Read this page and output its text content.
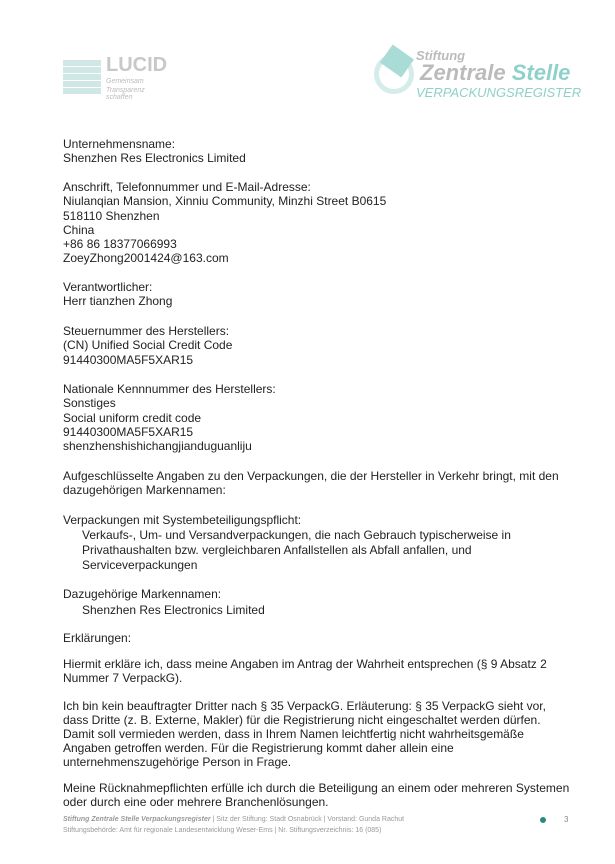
LUCID
Gemeinsam
Transparenz schaffen
Stiftung
Zentrale Stelle
VERPACKUNGSREGISTER
Unternehmensname:
Shenzhen Res Electronics Limited
Anschrift, Telefonnummer und E-Mail-Adresse:
Niulanqian Mansion, Xinniu Community, Minzhi Street B0615
518110 Shenzhen
China
+86 86 18377066993
ZoeyZhong2001424@163.com
Verantwortlicher:
Herr tianzhen Zhong
Steuernummer des Herstellers:
(CN) Unified Social Credit Code
91440300MA5F5XAR15
Nationale Kennnummer des Herstellers:
Sonstiges
Social uniform credit code
91440300MA5F5XAR15
shenzhenshishichangjianduguanliju
Aufgeschlüsselte Angaben zu den Verpackungen, die der Hersteller in Verkehr bringt, mit den
dazugehörigen Markennamen:
Verpackungen mit Systembeteiligungspflicht:
Verkaufs-, Um- und Versandverpackungen, die nach Gebrauch typischerweise in
Privathaushalten bzw. vergleichbaren Anfallstellen als Abfall anfallen, und
Serviceverpackungen
Dazugehörige Markennamen:
Shenzhen Res Electronics Limited
Erklärungen:
Hiermit erkläre ich, dass meine Angaben im Antrag der Wahrheit entsprechen (§ 9 Absatz 2
Nummer 7 VerpackG).
Ich bin kein beauftragter Dritter nach § 35 VerpackG. Erläuterung: § 35 VerpackG sieht vor,
dass Dritte (z. B. Externe, Makler) für die Registrierung nicht eingeschaltet werden dürfen.
Damit soll vermieden werden, dass in Ihrem Namen leichtfertig nicht wahrheitsgemäße
Angaben getroffen werden. Für die Registrierung kommt daher allein eine
unternehmenszugehörige Person in Frage.
Meine Rücknahmepflichten erfülle ich durch die Beteiligung an einem oder mehreren Systemen
oder durch eine oder mehrere Branchenlösungen.
Stiftung Zentrale Stelle Verpackungsregister | Sitz der Stiftung: Stadt Osnabrück | Vorstand: Gunda Rachut
Stiftungsbehörde: Amt für regionale Landesentwicklung Weser-Ems | Nr. Stiftungsverzeichnis: 16 (085)
3
